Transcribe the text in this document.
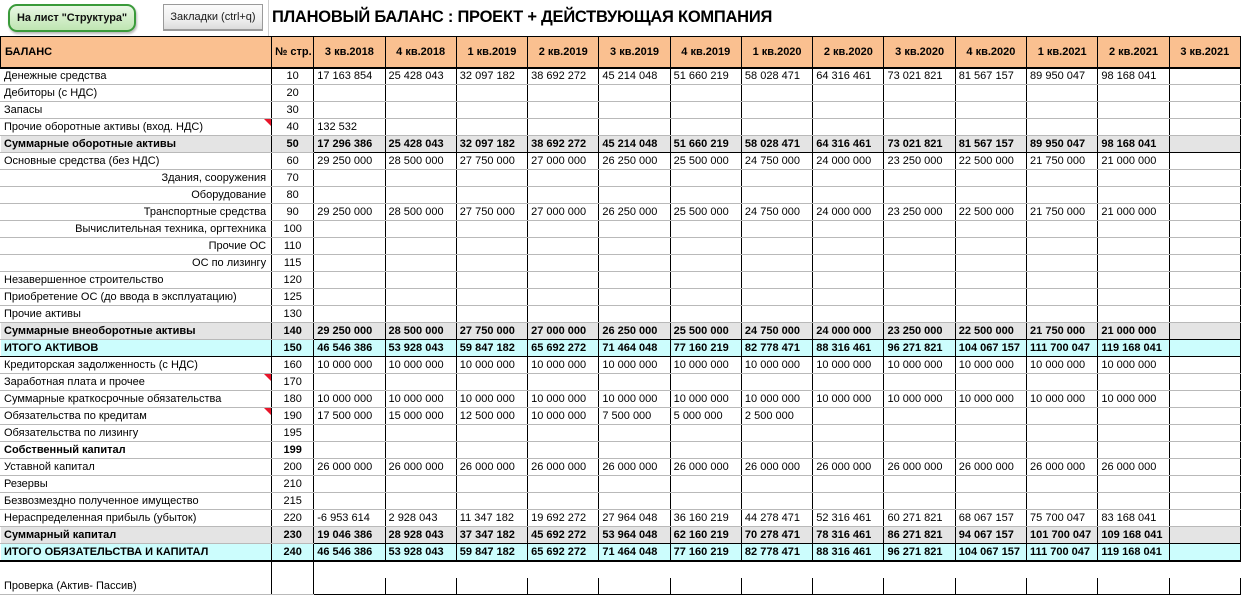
На лист "Структура"	Закладки (ctrl+q) ПЛАНОВЫЙ БАЛАНС : ПРОЕКТ + ДЕЙСТВУЮЩАЯ КОМПАНИЯ
БАЛАНС	№ стр.	3 кв.2018	4 кв.2018	1 кв.2019	2 кв.2019	3 кв.2019	4 кв.2019	1 кв.2020	2 кв.2020	3 кв.2020	4 кв.2020	1 кв.2021	2 кв.2021	3 кв.2021
Денежные средства	10	17 163 854	25 428 043	32 097 182	38 692 272	45 214 048	51 660 219	58 028 471	64 316 461	73 021 821	81 567 157	89 950 047	98 168 041	
Дебиторы (с НДС)	20													
Запасы	30													
Прочие оборотные активы (вход. НДС)	40	132 532												
Суммарные оборотные активы	50	17 296 386	25 428 043	32 097 182	38 692 272	45 214 048	51 660 219	58 028 471	64 316 461	73 021 821	81 567 157	89 950 047	98 168 041	
Основные средства (без НДС)	60	29 250 000	28 500 000	27 750 000	27 000 000	26 250 000	25 500 000	24 750 000	24 000 000	23 250 000	22 500 000	21 750 000	21 000 000	
Здания, сооружения	70													
Оборудование	80													
Транспортные средства	90	29 250 000	28 500 000	27 750 000	27 000 000	26 250 000	25 500 000	24 750 000	24 000 000	23 250 000	22 500 000	21 750 000	21 000 000	
Вычислительная техника, оргтехника	100													
Прочие ОС	110													
ОС по лизингу	115													
Незавершенное строительство	120													
Приобретение ОС (до ввода в эксплуатацию)	125													
Прочие активы	130													
Суммарные внеоборотные активы	140	29 250 000	28 500 000	27 750 000	27 000 000	26 250 000	25 500 000	24 750 000	24 000 000	23 250 000	22 500 000	21 750 000	21 000 000	
ИТОГО АКТИВОВ	150	46 546 386	53 928 043	59 847 182	65 692 272	71 464 048	77 160 219	82 778 471	88 316 461	96 271 821	104 067 157	111 700 047	119 168 041	
Кредиторская задолженность (с НДС)	160	10 000 000	10 000 000	10 000 000	10 000 000	10 000 000	10 000 000	10 000 000	10 000 000	10 000 000	10 000 000	10 000 000	10 000 000	
Заработная плата и прочее	170													
Суммарные краткосрочные обязательства	180	10 000 000	10 000 000	10 000 000	10 000 000	10 000 000	10 000 000	10 000 000	10 000 000	10 000 000	10 000 000	10 000 000	10 000 000	
Обязательства по кредитам	190	17 500 000	15 000 000	12 500 000	10 000 000	7 500 000	5 000 000	2 500 000						
Обязательства по лизингу	195													
Собственный капитал	199													
Уставной капитал	200	26 000 000	26 000 000	26 000 000	26 000 000	26 000 000	26 000 000	26 000 000	26 000 000	26 000 000	26 000 000	26 000 000	26 000 000	
Резервы	210													
Безвозмездно полученное имущество	215													
Нераспределенная прибыль (убыток)	220	-6 953 614	2 928 043	11 347 182	19 692 272	27 964 048	36 160 219	44 278 471	52 316 461	60 271 821	68 067 157	75 700 047	83 168 041	
Суммарный капитал	230	19 046 386	28 928 043	37 347 182	45 692 272	53 964 048	62 160 219	70 278 471	78 316 461	86 271 821	94 067 157	101 700 047	109 168 041	
ИТОГО ОБЯЗАТЕЛЬСТВА И КАПИТАЛ	240	46 546 386	53 928 043	59 847 182	65 692 272	71 464 048	77 160 219	82 778 471	88 316 461	96 271 821	104 067 157	111 700 047	119 168 041	

Проверка (Актив- Пассив)														
